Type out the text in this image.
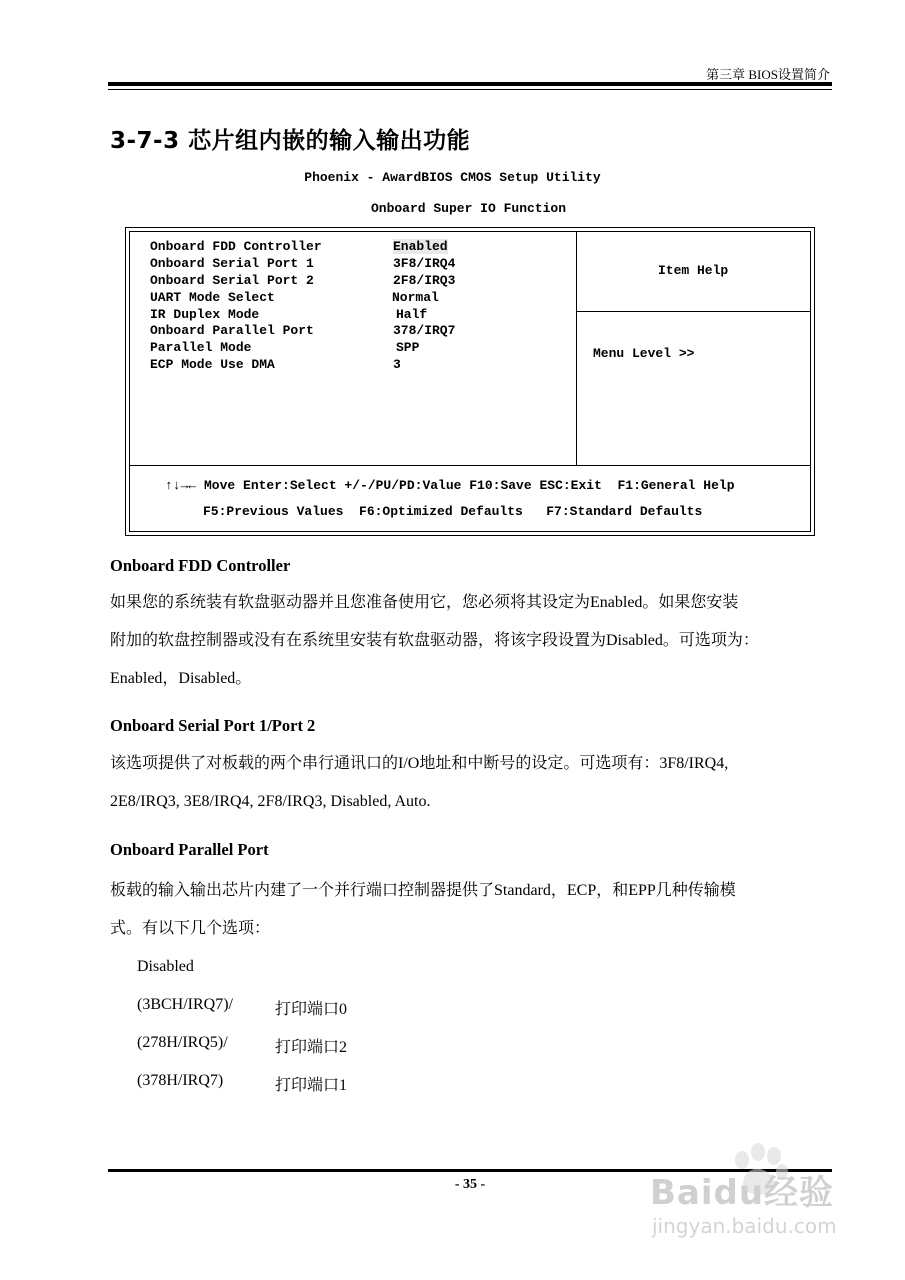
第三章 BIOS设置简介
3-7-3 芯片组内嵌的输入输出功能
Phoenix - AwardBIOS CMOS Setup Utility
Onboard Super IO Function
Onboard FDD Controller	Enabled
Onboard Serial Port 1	3F8/IRQ4
Onboard Serial Port 2	2F8/IRQ3
UART Mode Select	Normal
IR Duplex Mode	Half
Onboard Parallel Port	378/IRQ7
Parallel Mode	SPP
ECP Mode Use DMA	3
Item Help
Menu Level >>
↑↓→← Move Enter:Select +/-/PU/PD:Value F10:Save ESC:Exit  F1:General Help
F5:Previous Values  F6:Optimized Defaults   F7:Standard Defaults
Onboard FDD Controller
如果您的系统装有软盘驱动器并且您准备使用它，您必须将其设定为Enabled。如果您安装
附加的软盘控制器或没有在系统里安装有软盘驱动器，将该字段设置为Disabled。可选项为：
Enabled，Disabled。
Onboard Serial Port 1/Port 2
该选项提供了对板载的两个串行通讯口的I/O地址和中断号的设定。可选项有：3F8/IRQ4,
2E8/IRQ3, 3E8/IRQ4, 2F8/IRQ3, Disabled, Auto.
Onboard Parallel Port
板载的输入输出芯片内建了一个并行端口控制器提供了Standard，ECP，和EPP几种传输模
式。有以下几个选项：
Disabled
(3BCH/IRQ7)/	打印端口0
(278H/IRQ5)/	打印端口2
(378H/IRQ7)	打印端口1
- 35 -	Baidu经验
jingyan.baidu.com
